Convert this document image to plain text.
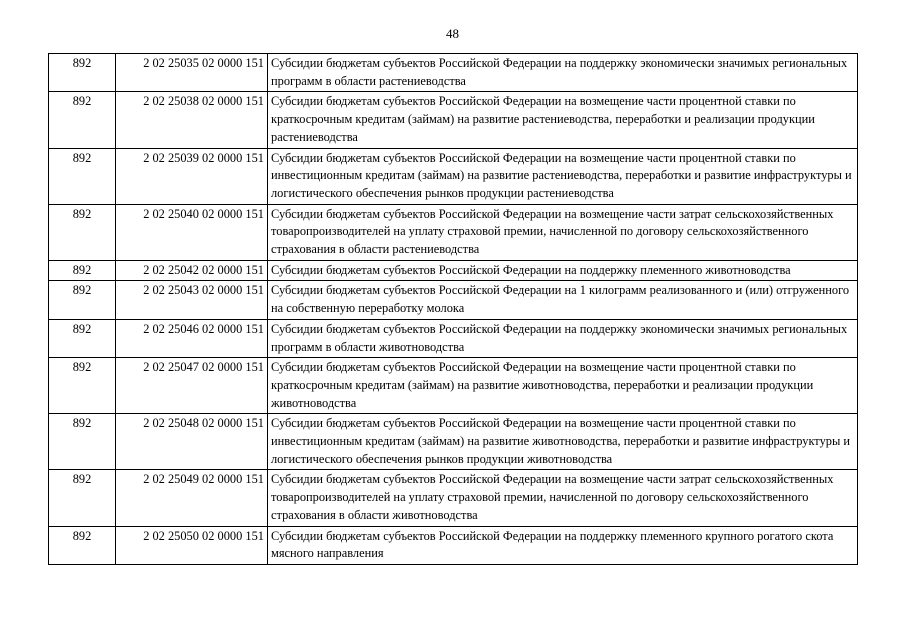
48
892	2 02 25035 02 0000 151	Субсидии бюджетам субъектов Российской Федерации на поддержку экономически значимых региональных программ в области растениеводства
892	2 02 25038 02 0000 151	Субсидии бюджетам субъектов Российской Федерации на возмещение части процентной ставки по краткосрочным кредитам (займам) на развитие растениеводства, переработки и реализации продукции растениеводства
892	2 02 25039 02 0000 151	Субсидии бюджетам субъектов Российской Федерации на возмещение части процентной ставки по инвестиционным кредитам (займам) на развитие растениеводства, переработки и развитие инфраструктуры и логистического обеспечения рынков продукции растениеводства
892	2 02 25040 02 0000 151	Субсидии бюджетам субъектов Российской Федерации на возмещение части затрат сельскохозяйственных товаропроизводителей на уплату страховой премии, начисленной по договору сельскохозяйственного страхования в области растениеводства
892	2 02 25042 02 0000 151	Субсидии бюджетам субъектов Российской Федерации на поддержку племенного животноводства
892	2 02 25043 02 0000 151	Субсидии бюджетам субъектов Российской Федерации на 1 килограмм реализованного и (или) отгруженного на собственную переработку молока
892	2 02 25046 02 0000 151	Субсидии бюджетам субъектов Российской Федерации на поддержку экономически значимых региональных программ в области животноводства
892	2 02 25047 02 0000 151	Субсидии бюджетам субъектов Российской Федерации на возмещение части процентной ставки по краткосрочным кредитам (займам) на развитие животноводства, переработки и реализации продукции животноводства
892	2 02 25048 02 0000 151	Субсидии бюджетам субъектов Российской Федерации на возмещение части процентной ставки по инвестиционным кредитам (займам) на развитие животноводства, переработки и развитие инфраструктуры и логистического обеспечения рынков продукции животноводства
892	2 02 25049 02 0000 151	Субсидии бюджетам субъектов Российской Федерации на возмещение части затрат сельскохозяйственных товаропроизводителей на уплату страховой премии, начисленной по договору сельскохозяйственного страхования в области животноводства
892	2 02 25050 02 0000 151	Субсидии бюджетам субъектов Российской Федерации на поддержку племенного крупного рогатого скота мясного направления
